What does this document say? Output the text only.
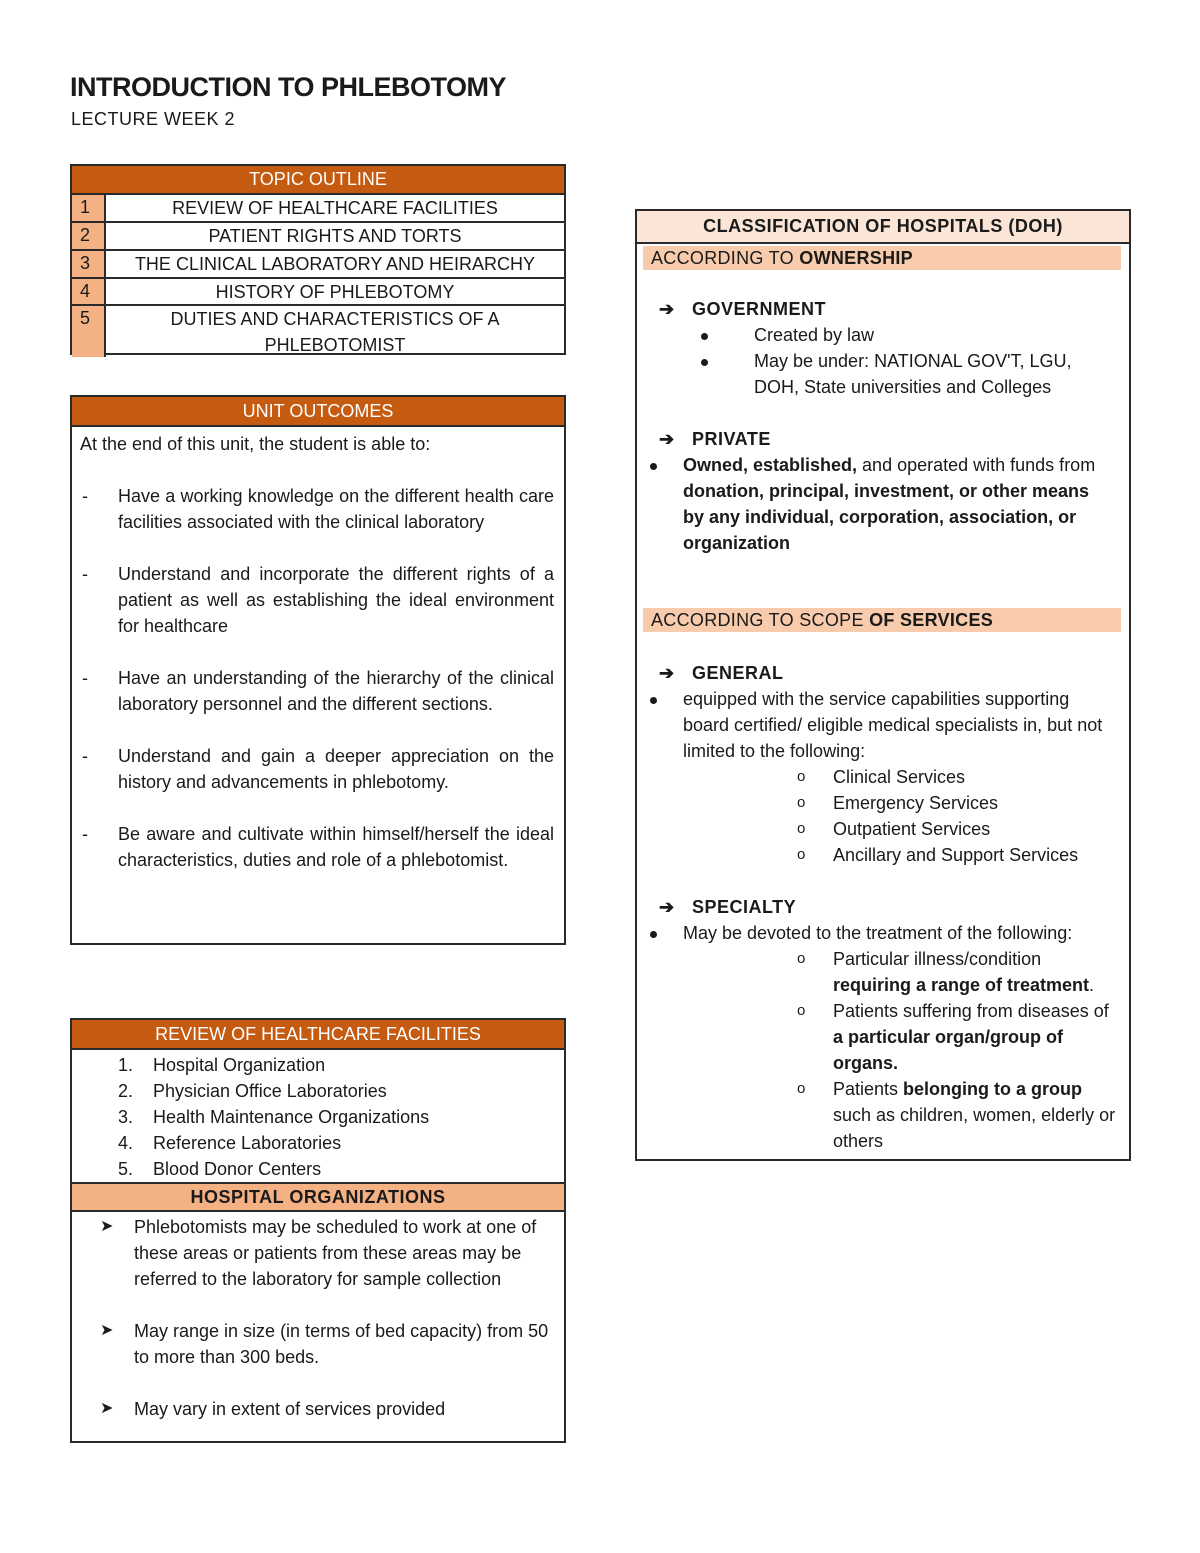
INTRODUCTION TO PHLEBOTOMY
LECTURE WEEK 2
TOPIC OUTLINE
1	REVIEW OF HEALTHCARE FACILITIES
2	PATIENT RIGHTS AND TORTS
3	THE CLINICAL LABORATORY AND HEIRARCHY
4	HISTORY OF PHLEBOTOMY
5	DUTIES AND CHARACTERISTICS OF A PHLEBOTOMIST
UNIT OUTCOMES
At the end of this unit, the student is able to:
-	Have a working knowledge on the different health care facilities associated with the clinical laboratory
-	Understand and incorporate the different rights of a patient as well as establishing the ideal environment for healthcare
-	Have an understanding of the hierarchy of the clinical laboratory personnel and the different sections.
-	Understand and gain a deeper appreciation on the history and advancements in phlebotomy.
-	Be aware and cultivate within himself/herself the ideal characteristics, duties and role of a phlebotomist.
REVIEW OF HEALTHCARE FACILITIES
1. Hospital Organization
2. Physician Office Laboratories
3. Health Maintenance Organizations
4. Reference Laboratories
5. Blood Donor Centers
HOSPITAL ORGANIZATIONS
➤	Phlebotomists may be scheduled to work at one of these areas or patients from these areas may be referred to the laboratory for sample collection
➤	May range in size (in terms of bed capacity) from 50 to more than 300 beds.
➤	May vary in extent of services provided
CLASSIFICATION OF HOSPITALS (DOH)
ACCORDING TO OWNERSHIP
➔ GOVERNMENT
Created by law
May be under: NATIONAL GOV'T, LGU, DOH, State universities and Colleges
➔ PRIVATE
Owned, established, and operated with funds from donation, principal, investment, or other means by any individual, corporation, association, or organization
ACCORDING TO SCOPE OF SERVICES
➔ GENERAL
equipped with the service capabilities supporting board certified/ eligible medical specialists in, but not limited to the following:
o	Clinical Services
o	Emergency Services
o	Outpatient Services
o	Ancillary and Support Services
➔ SPECIALTY
May be devoted to the treatment of the following:
o	Particular illness/condition requiring a range of treatment.
o	Patients suffering from diseases of a particular organ/group of organs.
o	Patients belonging to a group such as children, women, elderly or others
